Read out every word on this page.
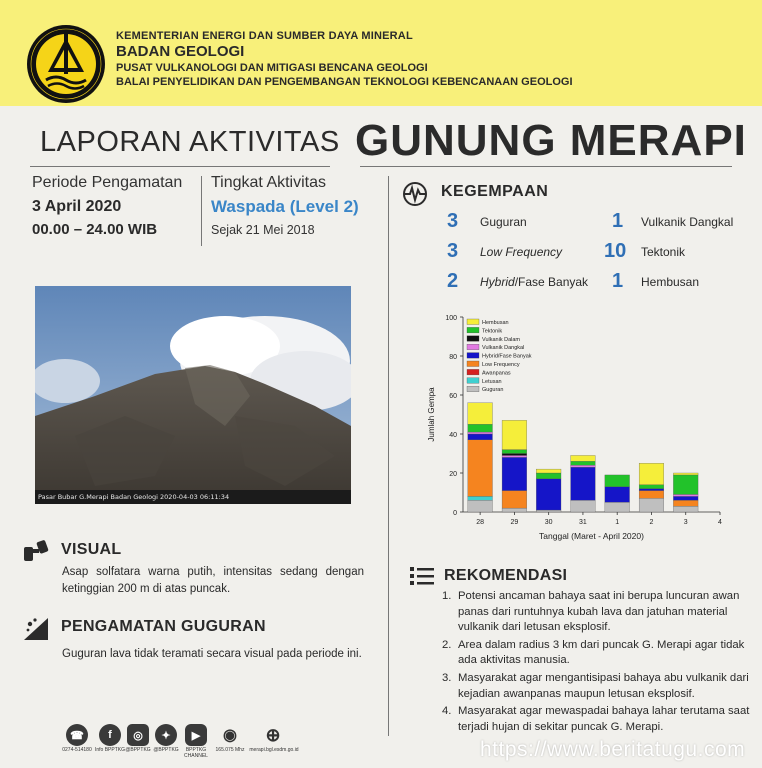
KEMENTERIAN ENERGI DAN SUMBER DAYA MINERAL
BADAN GEOLOGI
PUSAT VULKANOLOGI DAN MITIGASI BENCANA GEOLOGI
BALAI PENYELIDIKAN DAN PENGEMBANGAN TEKNOLOGI KEBENCANAAN GEOLOGI
LAPORAN AKTIVITAS GUNUNG MERAPI
Periode Pengamatan
3 April 2020
00.00 – 24.00 WIB
Tingkat Aktivitas
Waspada (Level 2)
Sejak 21 Mei 2018
Pasar Bubar G.Merapi Badan Geologi 2020-04-03 06:11:34
KEGEMPAAN
3 Guguran	1 Vulkanik Dangkal
3 Low Frequency 10 Tektonik
2 Hybrid/Fase Banyak 1 Hembusan
0
20
40
60
80
100
28	29	30	31	1	2	3	4
Jumlah Gempa
Tanggal (Maret - April 2020)
Hembusan
Tektonik
Vulkanik Dalam
Vulkanik Dangkal
Hybrid/Fase Banyak
Low Frequency
Awanpanas
Letusan
Guguran
VISUAL
Asap solfatara warna putih, intensitas sedang dengan ketinggian 200 m di atas puncak.
PENGAMATAN GUGURAN
Guguran lava tidak teramati secara visual pada periode ini.
REKOMENDASI
1. Potensi ancaman bahaya saat ini berupa luncuran awan panas dari runtuhnya kubah lava dan jatuhan material vulkanik dari letusan eksplosif.
2. Area dalam radius 3 km dari puncak G. Merapi agar tidak ada aktivitas manusia.
3. Masyarakat agar mengantisipasi bahaya abu vulkanik dari kejadian awanpanas maupun letusan eksplosif.
4. Masyarakat agar mewaspadai bahaya lahar terutama saat terjadi hujan di sekitar puncak G. Merapi.
☎
0274-514180
f
Info BPPTKG
◎
@BPPTKG
✦
@BPPTKG
▶
BPPTKG CHANNEL
◉
165.075 Mhz
⊕
merapi.bgl.esdm.go.id	https://www.beritatugu.com
